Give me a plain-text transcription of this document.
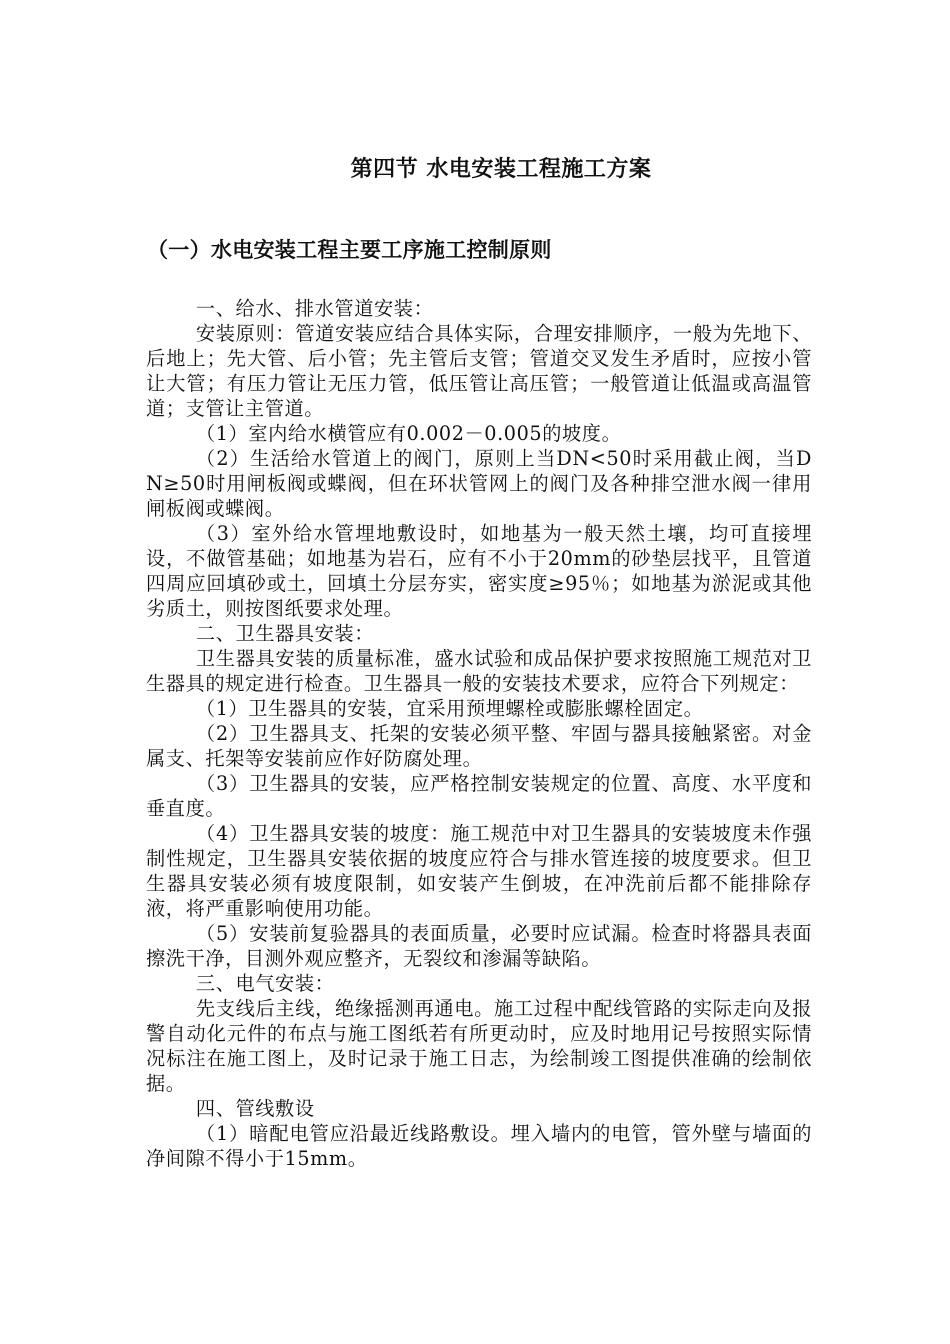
第四节 水电安装工程施工方案
（一）水电安装工程主要工序施工控制原则

一、给水、排水管道安装：

安装原则：管道安装应结合具体实际，合理安排顺序，一般为先地下、后地上；先大管、后小管；先主管后支管；管道交叉发生矛盾时，应按小管让大管；有压力管让无压力管，低压管让高压管；一般管道让低温或高温管道；支管让主管道。

（1）室内给水横管应有0.002－0.005的坡度。

（2）生活给水管道上的阀门，原则上当DN<50时采用截止阀，当DN≥50时用闸板阀或蝶阀，但在环状管网上的阀门及各种排空泄水阀一律用闸板阀或蝶阀。

（3）室外给水管埋地敷设时，如地基为一般天然土壤，均可直接埋设，不做管基础；如地基为岩石，应有不小于20mm的砂垫层找平，且管道四周应回填砂或土，回填土分层夯实，密实度≥95％；如地基为淤泥或其他劣质土，则按图纸要求处理。

二、卫生器具安装：

卫生器具安装的质量标准，盛水试验和成品保护要求按照施工规范对卫生器具的规定进行检查。卫生器具一般的安装技术要求，应符合下列规定：

（1）卫生器具的安装，宜采用预埋螺栓或膨胀螺栓固定。

（2）卫生器具支、托架的安装必须平整、牢固与器具接触紧密。对金属支、托架等安装前应作好防腐处理。

（3）卫生器具的安装，应严格控制安装规定的位置、高度、水平度和垂直度。

（4）卫生器具安装的坡度：施工规范中对卫生器具的安装坡度未作强制性规定，卫生器具安装依据的坡度应符合与排水管连接的坡度要求。但卫生器具安装必须有坡度限制，如安装产生倒坡，在冲洗前后都不能排除存液，将严重影响使用功能。

（5）安装前复验器具的表面质量，必要时应试漏。检查时将器具表面擦洗干净，目测外观应整齐，无裂纹和渗漏等缺陷。

三、电气安装：

先支线后主线，绝缘摇测再通电。施工过程中配线管路的实际走向及报警自动化元件的布点与施工图纸若有所更动时，应及时地用记号按照实际情况标注在施工图上，及时记录于施工日志，为绘制竣工图提供准确的绘制依据。

四、管线敷设

（1）暗配电管应沿最近线路敷设。埋入墙内的电管，管外壁与墙面的净间隙不得小于15mm。
